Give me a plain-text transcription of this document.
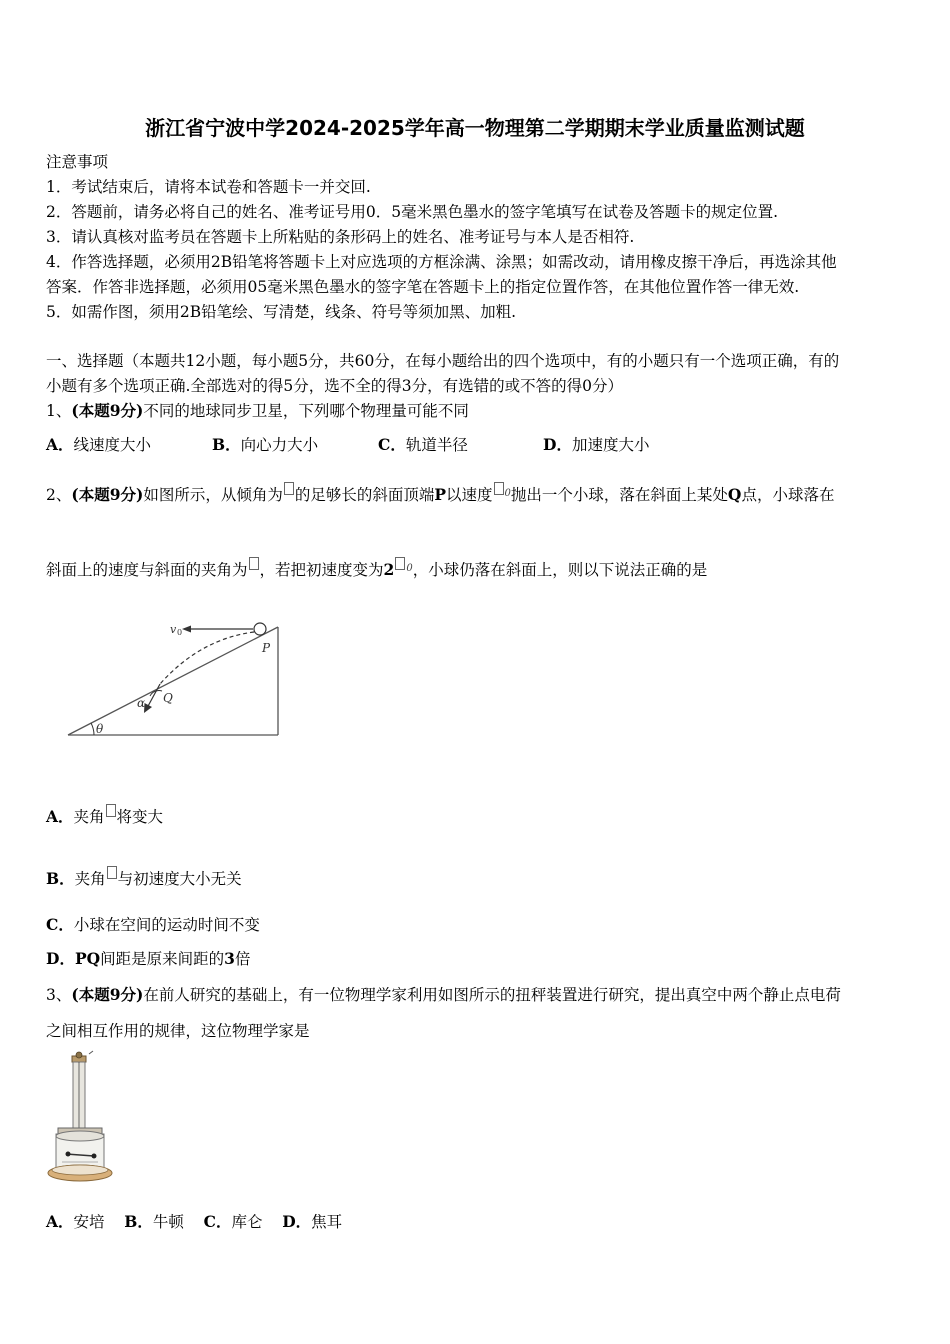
浙江省宁波中学2024-2025学年高一物理第二学期期末学业质量监测试题
注意事项
1．考试结束后，请将本试卷和答题卡一并交回.
2．答题前，请务必将自己的姓名、准考证号用0．5毫米黑色墨水的签字笔填写在试卷及答题卡的规定位置.
3．请认真核对监考员在答题卡上所粘贴的条形码上的姓名、准考证号与本人是否相符.
4．作答选择题，必须用2B铅笔将答题卡上对应选项的方框涂满、涂黑；如需改动，请用橡皮擦干净后，再选涂其他
答案．作答非选择题，必须用05毫米黑色墨水的签字笔在答题卡上的指定位置作答，在其他位置作答一律无效.
5．如需作图，须用2B铅笔绘、写清楚，线条、符号等须加黑、加粗.
一、选择题（本题共12小题，每小题5分，共60分，在每小题给出的四个选项中，有的小题只有一个选项正确，有的
小题有多个选项正确.全部选对的得5分，选不全的得3分，有选错的或不答的得0分）
1、(本题9分)不同的地球同步卫星，下列哪个物理量可能不同
A．线速度大小	B．向心力大小	C．轨道半径	D．加速度大小
2、(本题9分)如图所示，从倾角为 的足够长的斜面顶端P以速度 $^0$抛出一个小球，落在斜面上某处Q点，小球落在
斜面上的速度与斜面的夹角为 ，若把初速度变为2 $^0$，小球仍落在斜面上，则以下说法正确的是
v 0
P
Q
α
θ
A．夹角 将变大
B．夹角 与初速度大小无关
C．小球在空间的运动时间不变
D．PQ间距是原来间距的3倍
3、(本题9分)在前人研究的基础上，有一位物理学家利用如图所示的扭秤装置进行研究，提出真空中两个静止点电荷
之间相互作用的规律，这位物理学家是
A．安培 B．牛顿 C．库仑 D．焦耳
